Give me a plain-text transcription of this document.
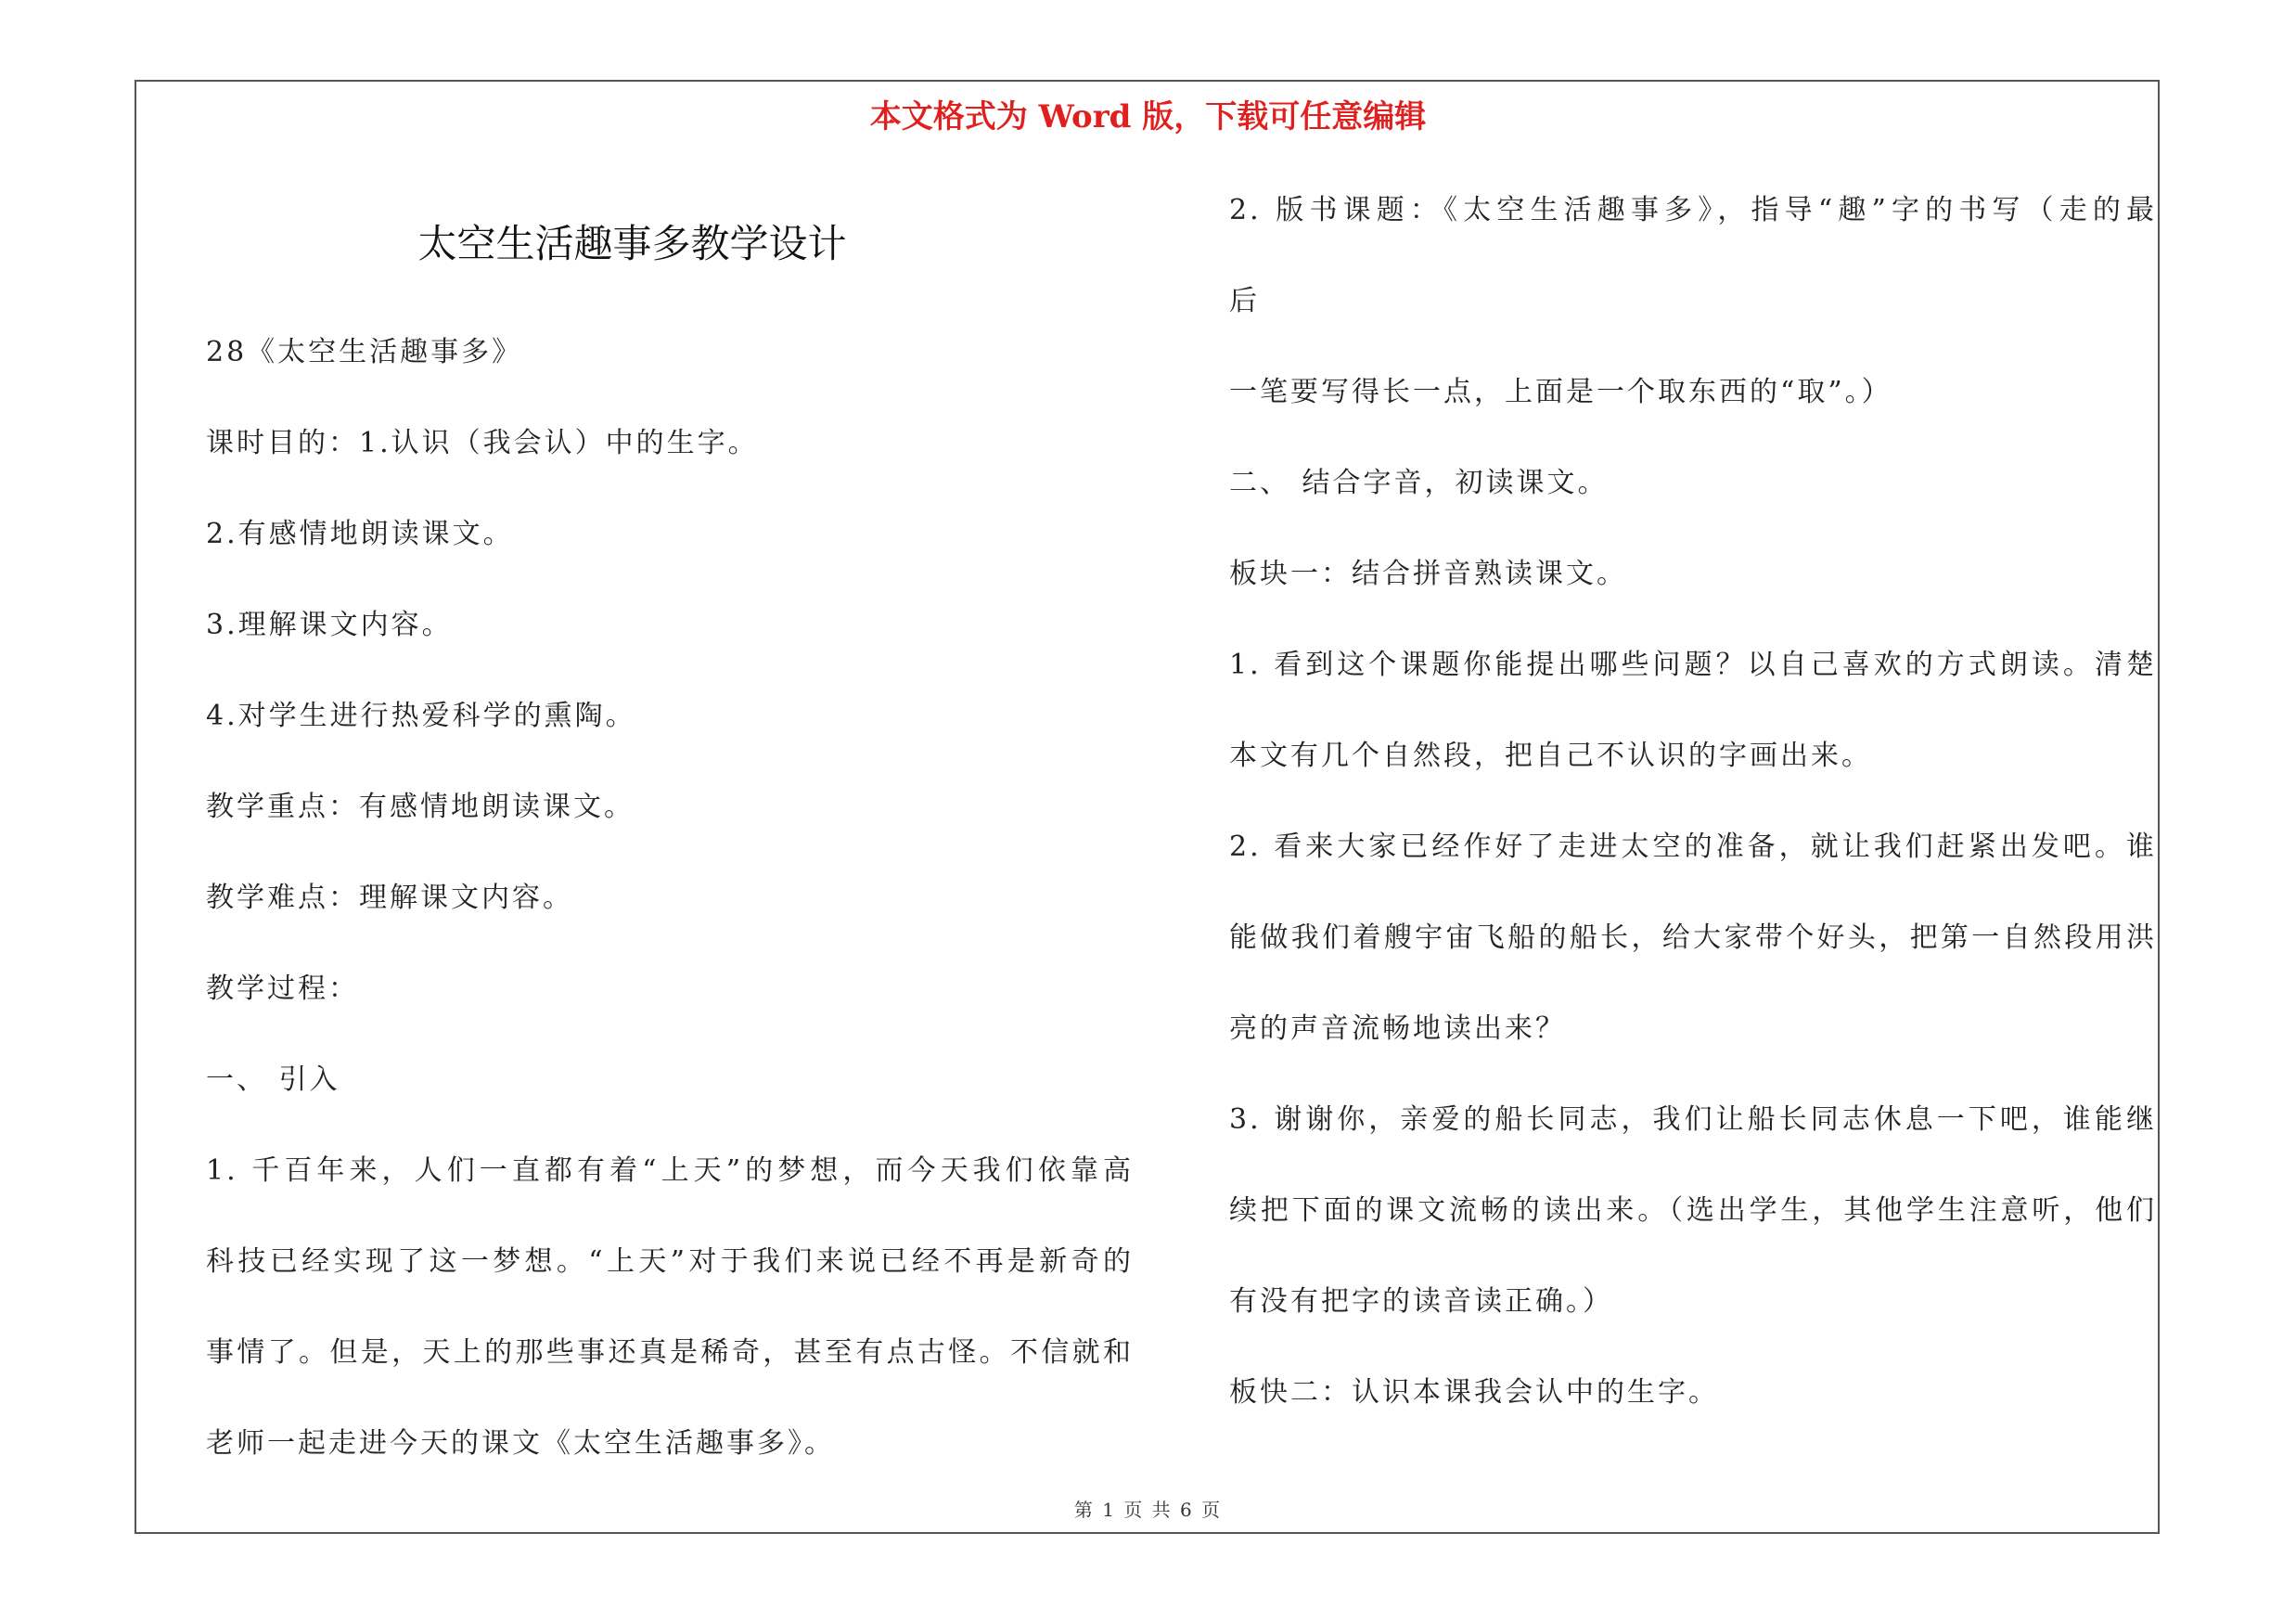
本文格式为 Word 版，下载可任意编辑
太空生活趣事多教学设计

28《太空生活趣事多》

课时目的：1.认识（我会认）中的生字。

2.有感情地朗读课文。

3.理解课文内容。

4.对学生进行热爱科学的熏陶。

教学重点：有感情地朗读课文。

教学难点：理解课文内容。

教学过程：

一、 引入

1. 千百年来，人们一直都有着“上天”的梦想，而今天我们依靠高

科技已经实现了这一梦想。“上天”对于我们来说已经不再是新奇的

事情了。但是，天上的那些事还真是稀奇，甚至有点古怪。不信就和

老师一起走进今天的课文《太空生活趣事多》。

2. 版书课题：《太空生活趣事多》，指导“趣”字的书写（走的最

后

一笔要写得长一点，上面是一个取东西的“取”。）

二、 结合字音，初读课文。

板块一：结合拼音熟读课文。

1. 看到这个课题你能提出哪些问题？以自己喜欢的方式朗读。清楚

本文有几个自然段，把自己不认识的字画出来。

2. 看来大家已经作好了走进太空的准备，就让我们赶紧出发吧。谁

能做我们着艘宇宙飞船的船长，给大家带个好头，把第一自然段用洪

亮的声音流畅地读出来？

3. 谢谢你，亲爱的船长同志，我们让船长同志休息一下吧，谁能继

续把下面的课文流畅的读出来。（选出学生，其他学生注意听，他们

有没有把字的读音读正确。）

板快二：认识本课我会认中的生字。

第 1 页 共 6 页
